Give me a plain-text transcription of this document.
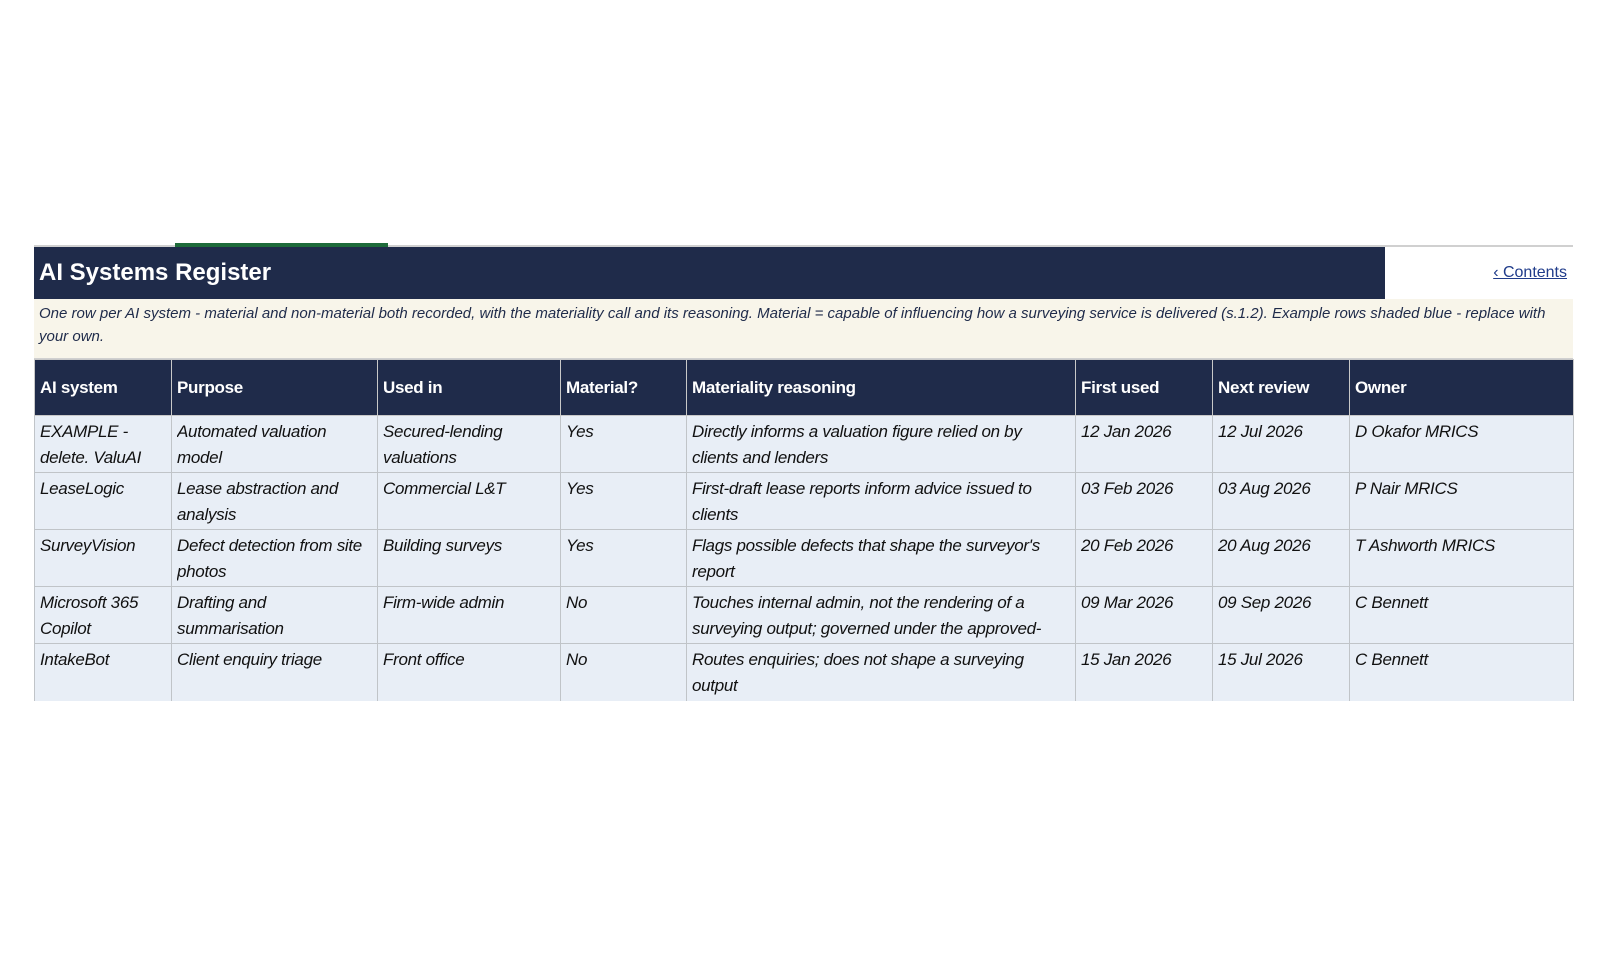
AI Systems Register	‹ Contents
One row per AI system - material and non-material both recorded, with the materiality call and its reasoning. Material = capable of influencing how a surveying service is delivered (s.1.2). Example rows shaded blue - replace with your own.
AI system	Purpose	Used in	Material?	Materiality reasoning	First used	Next review	Owner

EXAMPLE - delete. ValuAI	Automated valuation model	Secured-lending valuations	Yes	Directly informs a valuation figure relied on by clients and lenders	12 Jan 2026	12 Jul 2026	D Okafor MRICS

LeaseLogic	Lease abstraction and analysis	Commercial L&T	Yes	First-draft lease reports inform advice issued to clients	03 Feb 2026	03 Aug 2026	P Nair MRICS

SurveyVision	Defect detection from site photos	Building surveys	Yes	Flags possible defects that shape the surveyor's report	20 Feb 2026	20 Aug 2026	T Ashworth MRICS

Microsoft 365 Copilot	Drafting and summarisation	Firm-wide admin	No	Touches internal admin, not the rendering of a surveying output; governed under the approved-	09 Mar 2026	09 Sep 2026	C Bennett

IntakeBot	Client enquiry triage	Front office	No	Routes enquiries; does not shape a surveying output	15 Jan 2026	15 Jul 2026	C Bennett
